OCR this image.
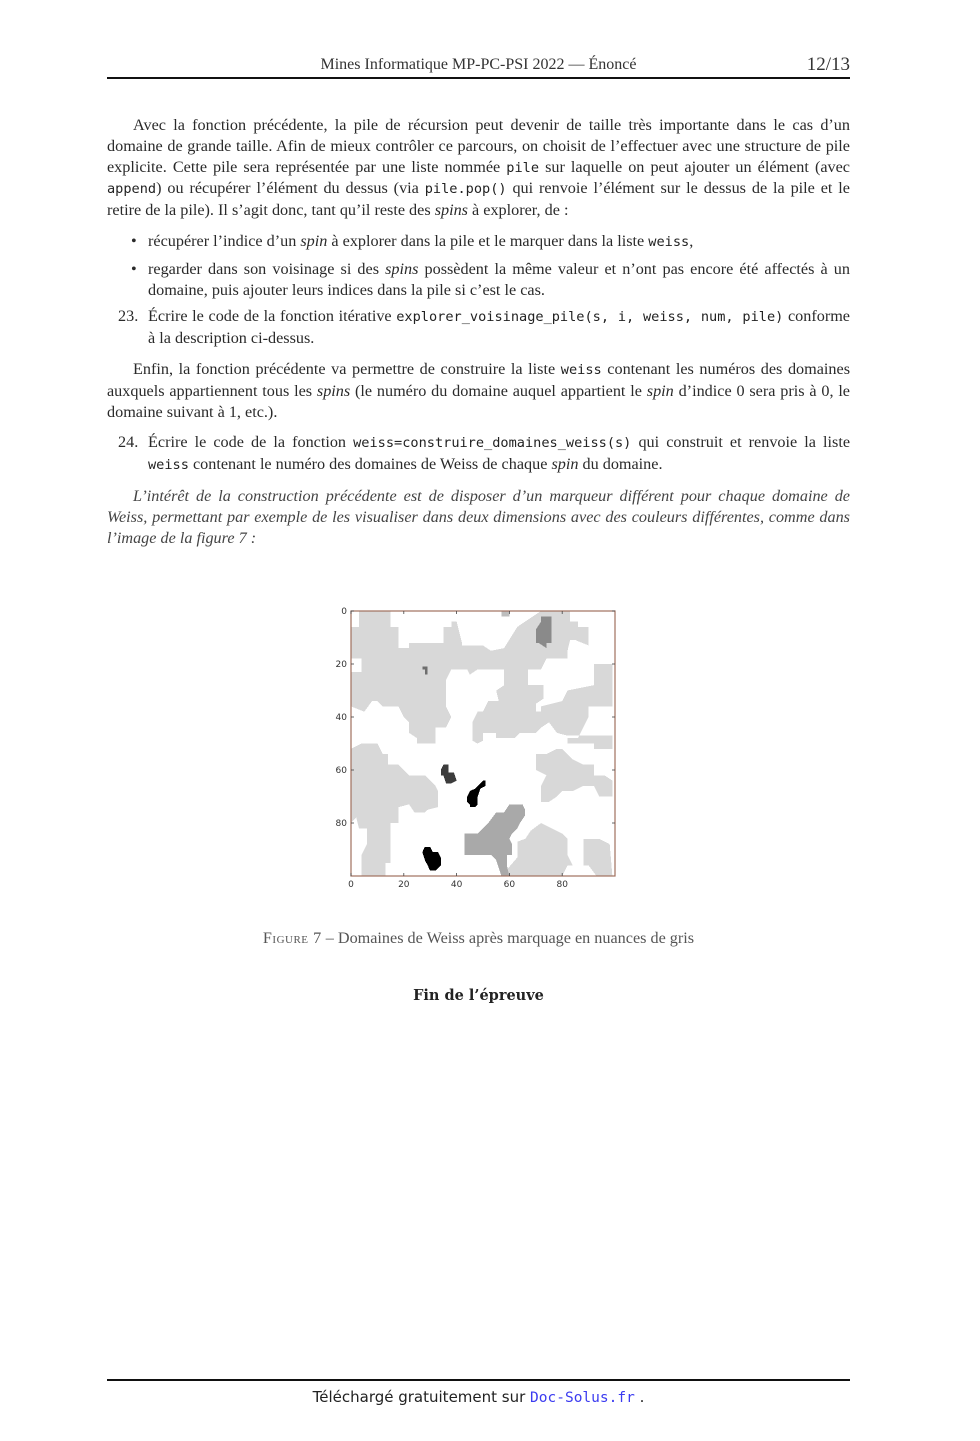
Mines Informatique MP-PC-PSI 2022 — Énoncé	12/13

Avec la fonction précédente, la pile de récursion peut devenir de taille très importante dans le cas d’un domaine de grande taille. Afin de mieux contrôler ce parcours, on choisit de l’effectuer avec une structure de pile explicite. Cette pile sera représentée par une liste nommée pile sur laquelle on peut ajouter un élément (avec append) ou récupérer l’élément du dessus (via pile.pop() qui renvoie l’élément sur le dessus de la pile et le retire de la pile). Il s’agit donc, tant qu’il reste des spins à explorer, de :

• récupérer l’indice d’un spin à explorer dans la pile et le marquer dans la liste weiss,
• regarder dans son voisinage si des spins possèdent la même valeur et n’ont pas encore été affectés à un domaine, puis ajouter leurs indices dans la pile si c’est le cas.
23. Écrire le code de la fonction itérative explorer_voisinage_pile(s, i, weiss, num, pile) conforme à la description ci-dessus.

Enfin, la fonction précédente va permettre de construire la liste weiss contenant les numéros des domaines auxquels appartiennent tous les spins (le numéro du domaine auquel appartient le spin d’indice 0 sera pris à 0, le domaine suivant à 1, etc.).

24. Écrire le code de la fonction weiss=construire_domaines_weiss(s) qui construit et renvoie la liste weiss contenant le numéro des domaines de Weiss de chaque spin du domaine.

L’intérêt de la construction précédente est de disposer d’un marqueur différent pour chaque domaine de Weiss, permettant par exemple de les visualiser dans deux dimensions avec des couleurs différentes, comme dans l’image de la figure 7 :

0	20	40	60	80
0
20
40
60
80
Figure 7 – Domaines de Weiss après marquage en nuances de gris
Fin de l’épreuve
Téléchargé gratuitement sur Doc-Solus.fr .
